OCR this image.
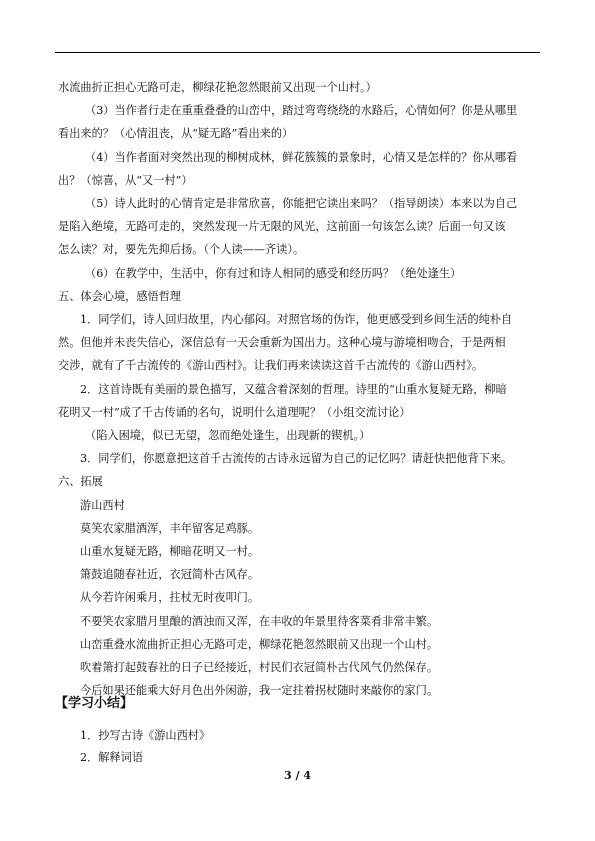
水流曲折正担心无路可走，柳绿花艳忽然眼前又出现一个山村。）
（3）当作者行走在重重叠叠的山峦中，踏过弯弯绕绕的水路后，心情如何？你是从哪里
看出来的？（心情沮丧，从“疑无路”看出来的）
（4）当作者面对突然出现的柳树成林，鲜花簇簇的景象时，心情又是怎样的？你从哪看
出？（惊喜，从“又一村”）
（5）诗人此时的心情肯定是非常欣喜，你能把它读出来吗？（指导朗读）本来以为自己
是陷入绝境，无路可走的，突然发现一片无限的风光，这前面一句该怎么读？后面一句又该
怎么读？对，要先先抑后扬。（个人读——齐读）。
（6）在教学中，生活中，你有过和诗人相同的感受和经历吗？（绝处逢生）
五、体会心境，感悟哲理
1．同学们，诗人回归故里，内心郁闷。对照官场的伪诈，他更感受到乡间生活的纯朴自
然。但他并未丧失信心，深信总有一天会重新为国出力。这种心境与游境相吻合，于是两相
交涉，就有了千古流传的《游山西村》。让我们再来读读这首千古流传的《游山西村》。
2．这首诗既有美丽的景色描写，又蕴含着深刻的哲理。诗里的“山重水复疑无路，柳暗
花明又一村”成了千古传诵的名句，说明什么道理呢？（小组交流讨论）
（陷入困境，似已无望，忽而绝处逢生，出现新的锲机。）
3．同学们，你愿意把这首千古流传的古诗永远留为自己的记忆吗？请赶快把他背下来。
六、拓展
游山西村
莫笑农家腊酒浑，丰年留客足鸡豚。
山重水复疑无路，柳暗花明又一村。
箫鼓追随春社近，衣冠简朴古风存。
从今若许闲乘月，拄杖无时夜叩门。
不要笑农家腊月里酿的酒浊而又浑，在丰收的年景里待客菜肴非常丰繁。
山峦重叠水流曲折正担心无路可走，柳绿花艳忽然眼前又出现一个山村。
吹着箫打起鼓春社的日子已经接近，村民们衣冠简朴古代风气仍然保存。
今后如果还能乘大好月色出外闲游，我一定拄着拐杖随时来敲你的家门。
【学习小结】
1．抄写古诗《游山西村》
2．解释词语
3 / 4
